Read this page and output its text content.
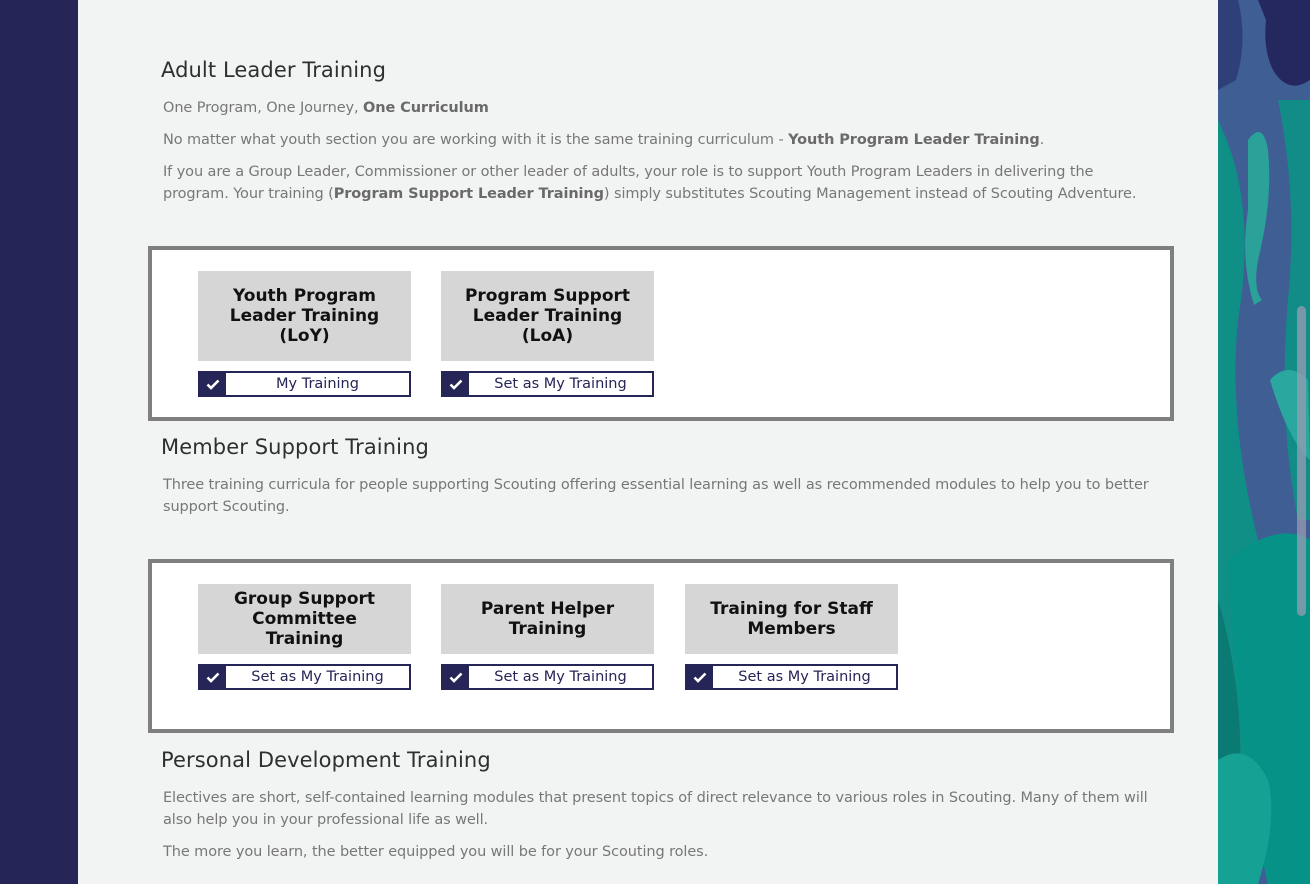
Adult Leader Training

One Program, One Journey, One Curriculum

No matter what youth section you are working with it is the same training curriculum - Youth Program Leader Training.

If you are a Group Leader, Commissioner or other leader of adults, your role is to support Youth Program Leaders in delivering the program. Your training (Program Support Leader Training) simply substitutes Scouting Management instead of Scouting Adventure.

Youth Program Leader Training (LoY)
My Training
Program Support Leader Training (LoA)
Set as My Training
Member Support Training

Three training curricula for people supporting Scouting offering essential learning as well as recommended modules to help you to better support Scouting.

Group Support Committee Training
Set as My Training
Parent Helper Training
Set as My Training
Training for Staff Members
Set as My Training
Personal Development Training

Electives are short, self-contained learning modules that present topics of direct relevance to various roles in Scouting. Many of them will also help you in your professional life as well.

The more you learn, the better equipped you will be for your Scouting roles.
